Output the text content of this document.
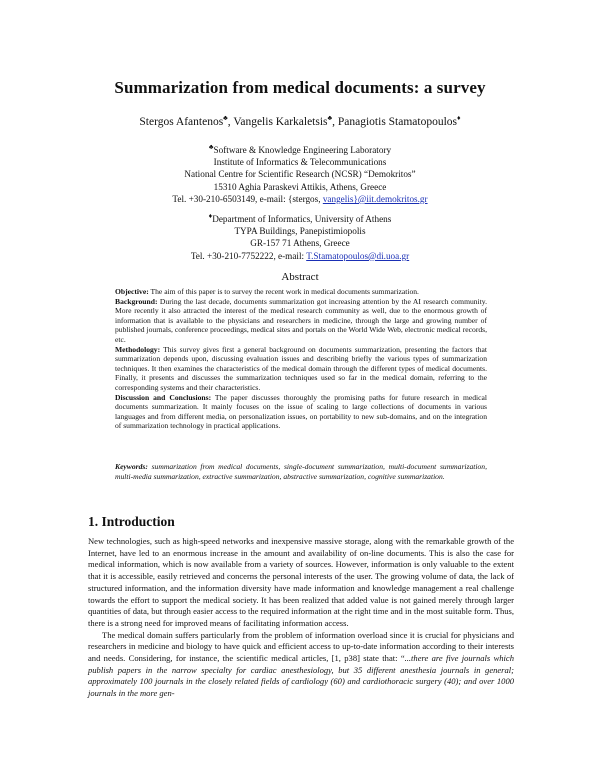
Summarization from medical documents: a survey
Stergos Afantenos♣, Vangelis Karkaletsis♣, Panagiotis Stamatopoulos♦
♣Software & Knowledge Engineering Laboratory
Institute of Informatics & Telecommunications
National Centre for Scientific Research (NCSR) “Demokritos”
15310 Aghia Paraskevi Attikis, Athens, Greece
Tel. +30-210-6503149, e-mail: {stergos, vangelis}@iit.demokritos.gr
♦Department of Informatics, University of Athens
TYPA Buildings, Panepistimiopolis
GR-157 71 Athens, Greece
Tel. +30-210-7752222, e-mail: T.Stamatopoulos@di.uoa.gr
Abstract

Objective: The aim of this paper is to survey the recent work in medical documents summarization.

Background: During the last decade, documents summarization got increasing attention by the AI research community. More recently it also attracted the interest of the medical research community as well, due to the enormous growth of information that is available to the physicians and researchers in medicine, through the large and growing number of published journals, conference proceedings, medical sites and portals on the World Wide Web, electronic medical records, etc.

Methodology: This survey gives first a general background on documents summarization, presenting the factors that summarization depends upon, discussing evaluation issues and describing briefly the various types of summarization techniques. It then examines the characteristics of the medical domain through the different types of medical documents. Finally, it presents and discusses the summarization techniques used so far in the medical domain, referring to the corresponding systems and their characteristics.

Discussion and Conclusions: The paper discusses thoroughly the promising paths for future research in medical documents summarization. It mainly focuses on the issue of scaling to large collections of documents in various languages and from different media, on personalization issues, on portability to new sub-domains, and on the integration of summarization technology in practical applications.

Keywords: summarization from medical documents, single-document summarization, multi-document summarization, multi-media summarization, extractive summarization, abstractive summarization, cognitive summarization.
1. Introduction

New technologies, such as high-speed networks and inexpensive massive storage, along with the remarkable growth of the Internet, have led to an enormous increase in the amount and availability of on-line documents. This is also the case for medical information, which is now available from a variety of sources. However, information is only valuable to the extent that it is accessible, easily retrieved and concerns the personal interests of the user. The growing volume of data, the lack of structured information, and the information diversity have made information and knowledge management a real challenge towards the effort to support the medical society. It has been realized that added value is not gained merely through larger quantities of data, but through easier access to the required information at the right time and in the most suitable form. Thus, there is a strong need for improved means of facilitating information access.

The medical domain suffers particularly from the problem of information overload since it is crucial for physicians and researchers in medicine and biology to have quick and efficient access to up-to-date information according to their interests and needs. Considering, for instance, the scientific medical articles, [1, p38] state that: “...there are five journals which publish papers in the narrow specialty for cardiac anesthesiology, but 35 different anesthesia journals in general; approximately 100 journals in the closely related fields of cardiology (60) and cardiothoracic surgery (40); and over 1000 journals in the more gen-
